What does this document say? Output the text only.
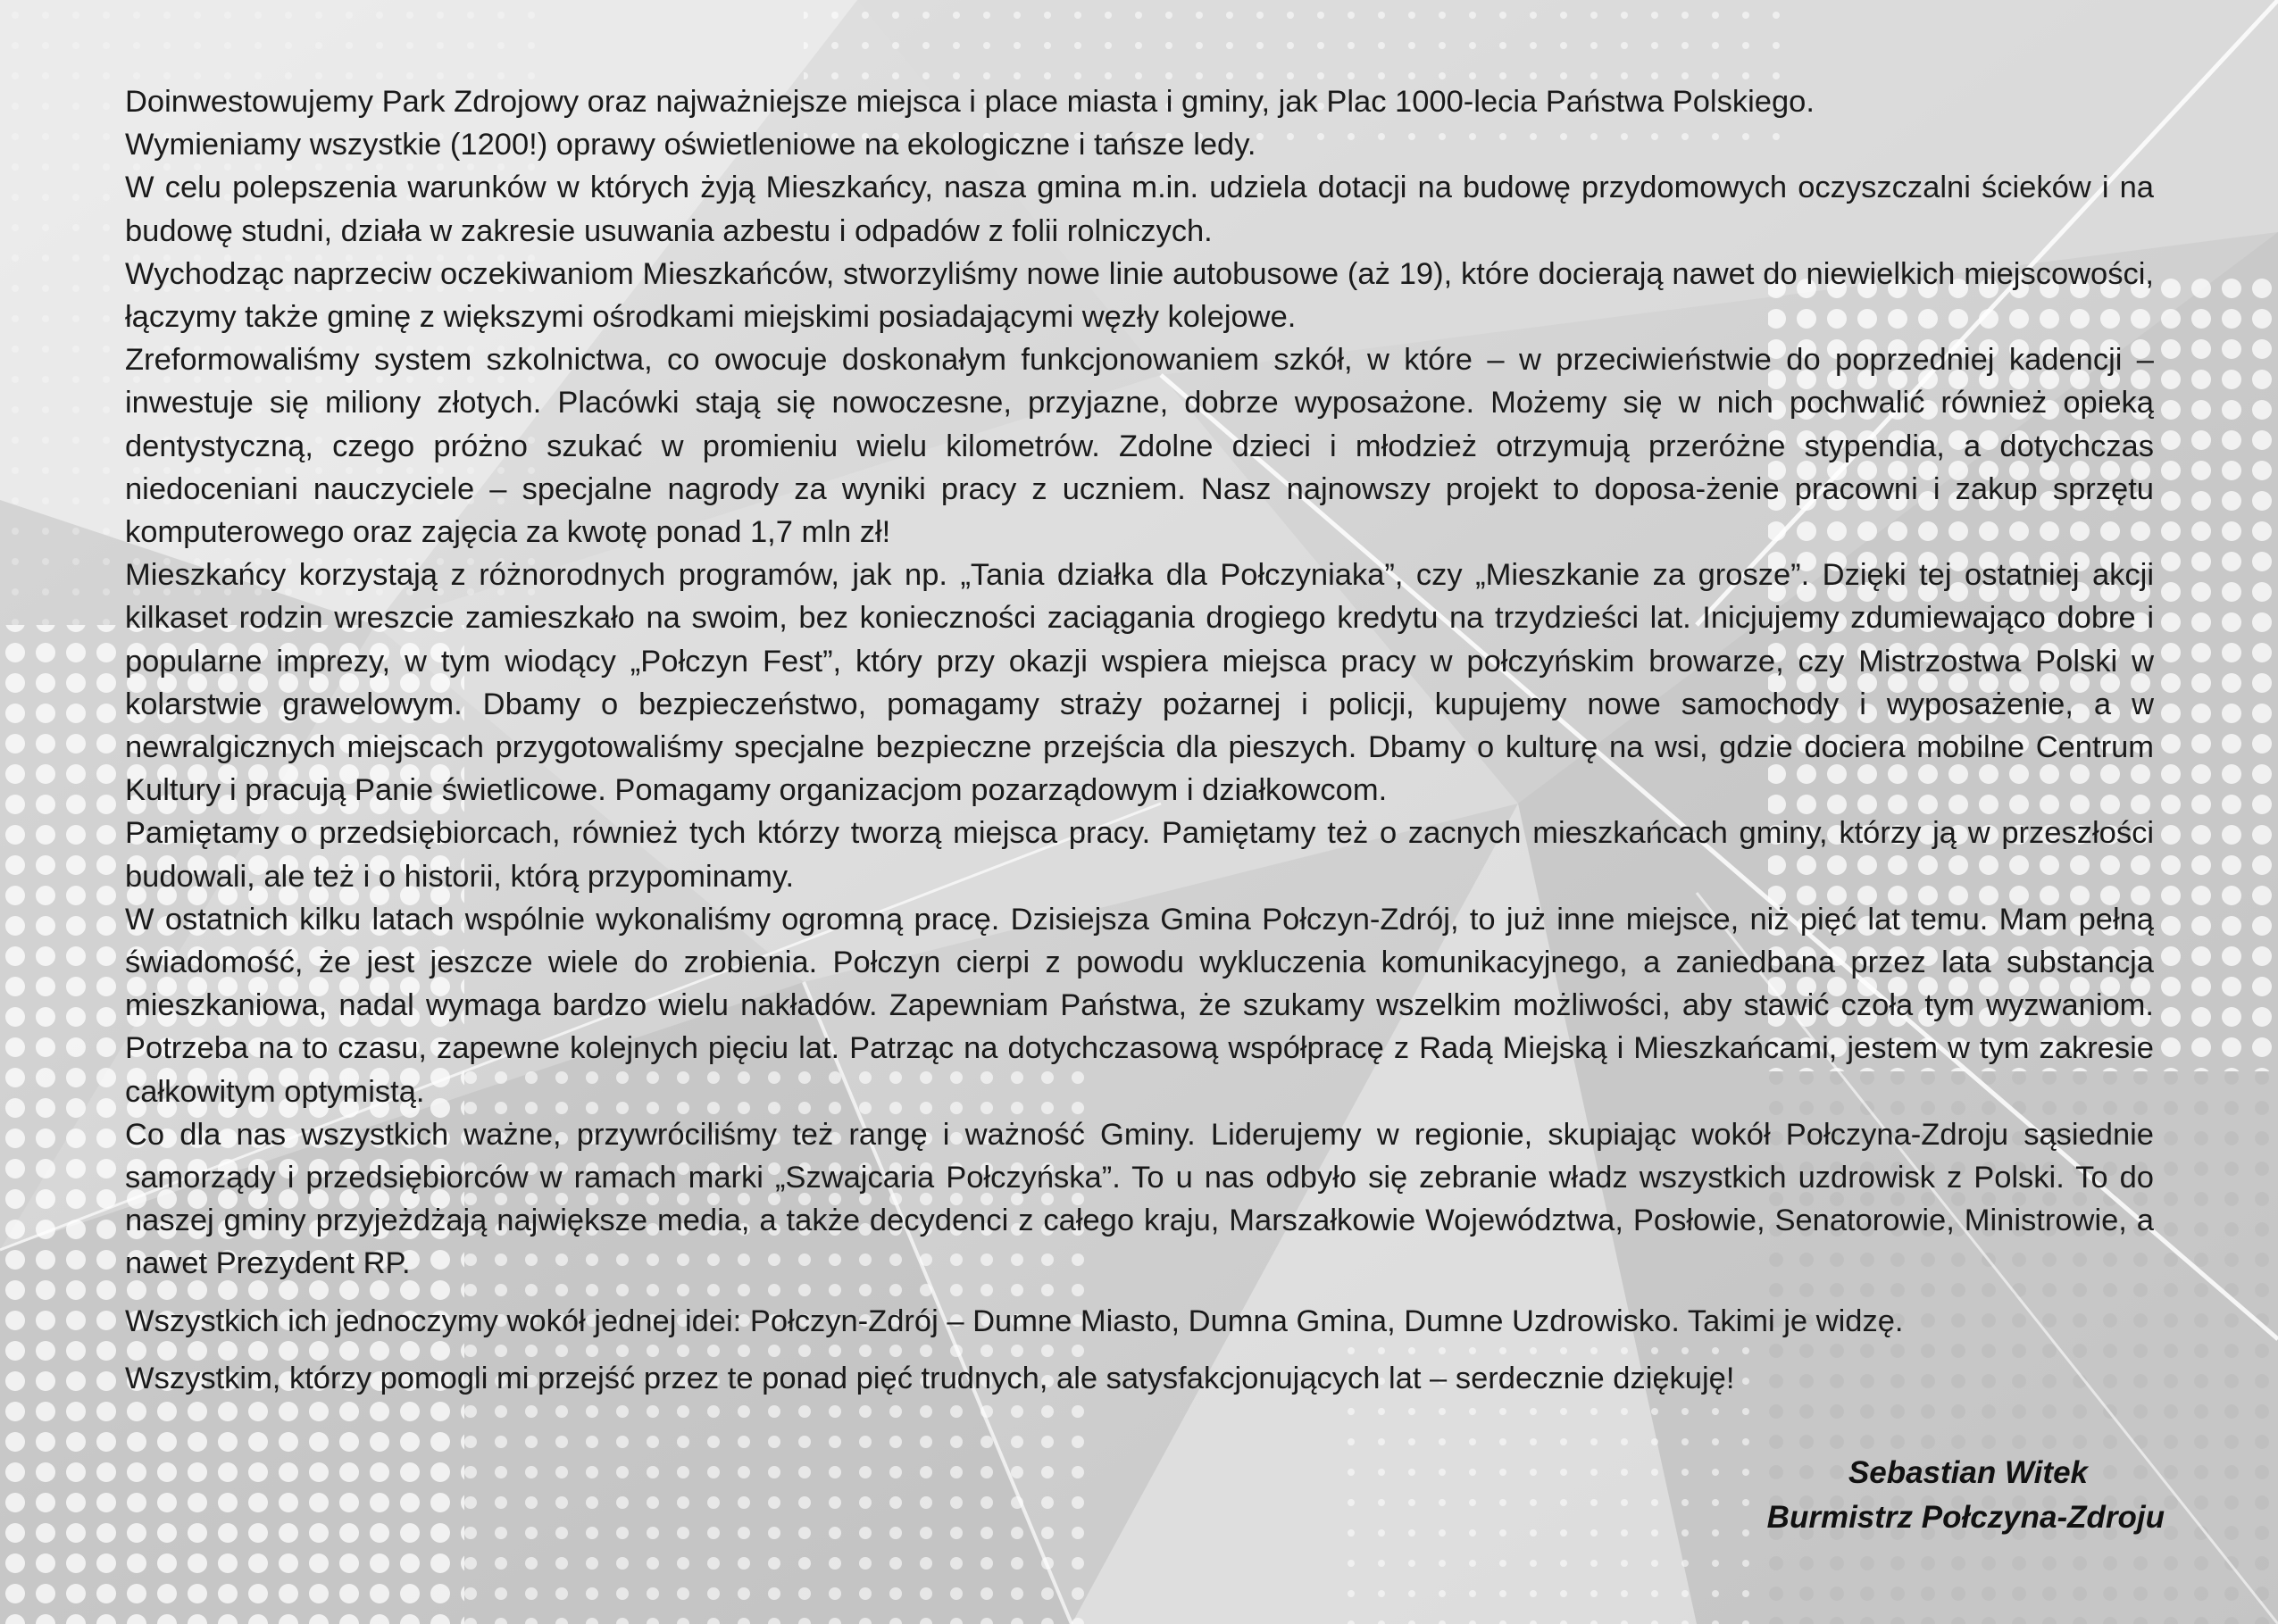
Doinwestowujemy Park Zdrojowy oraz najważniejsze miejsca i place miasta i gminy, jak Plac 1000-lecia Państwa Polskiego.

Wymieniamy wszystkie (1200!) oprawy oświetleniowe na ekologiczne i tańsze ledy.

W celu polepszenia warunków w których żyją Mieszkańcy, nasza gmina m.in. udziela dotacji na budowę przydomowych oczyszczalni ścieków i na budowę studni, działa w zakresie usuwania azbestu i odpadów z folii rolniczych.

Wychodząc naprzeciw oczekiwaniom Mieszkańców, stworzyliśmy nowe linie autobusowe (aż 19), które docierają nawet do niewielkich miejscowości, łączymy także gminę z większymi ośrodkami miejskimi posiadającymi węzły kolejowe.

Zreformowaliśmy system szkolnictwa, co owocuje doskonałym funkcjonowaniem szkół, w które – w przeciwieństwie do poprzedniej kadencji – inwestuje się miliony złotych. Placówki stają się nowoczesne, przyjazne, dobrze wyposażone. Możemy się w nich pochwalić również opieką dentystyczną, czego próżno szukać w promieniu wielu kilometrów. Zdolne dzieci i młodzież otrzymują przeróżne stypendia, a dotychczas niedoceniani nauczyciele – specjalne nagrody za wyniki pracy z uczniem. Nasz najnowszy projekt to doposa-żenie pracowni i zakup sprzętu komputerowego oraz zajęcia za kwotę ponad 1,7 mln zł!

Mieszkańcy korzystają z różnorodnych programów, jak np. „Tania działka dla Połczyniaka”, czy „Mieszkanie za grosze”. Dzięki tej ostatniej akcji kilkaset rodzin wreszcie zamieszkało na swoim, bez konieczności zaciągania drogiego kredytu na trzydzieści lat. Inicjujemy zdumiewająco dobre i popularne imprezy, w tym wiodący „Połczyn Fest”, który przy okazji wspiera miejsca pracy w połczyńskim browarze, czy Mistrzostwa Polski w kolarstwie grawelowym. Dbamy o bezpieczeństwo, pomagamy straży pożarnej i policji, kupujemy nowe samochody i wyposażenie, a w newralgicznych miejscach przygotowaliśmy specjalne bezpieczne przejścia dla pieszych. Dbamy o kulturę na wsi, gdzie dociera mobilne Centrum Kultury i pracują Panie świetlicowe. Pomagamy organizacjom pozarządowym i działkowcom.

Pamiętamy o przedsiębiorcach, również tych którzy tworzą miejsca pracy. Pamiętamy też o zacnych mieszkańcach gminy, którzy ją w przeszłości budowali, ale też i o historii, którą przypominamy.

W ostatnich kilku latach wspólnie wykonaliśmy ogromną pracę. Dzisiejsza Gmina Połczyn-Zdrój, to już inne miejsce, niż pięć lat temu. Mam pełną świadomość, że jest jeszcze wiele do zrobienia. Połczyn cierpi z powodu wykluczenia komunikacyjnego, a zaniedbana przez lata substancja mieszkaniowa, nadal wymaga bardzo wielu nakładów. Zapewniam Państwa, że szukamy wszelkim możliwości, aby stawić czoła tym wyzwaniom. Potrzeba na to czasu, zapewne kolejnych pięciu lat. Patrząc na dotychczasową współpracę z Radą Miejską i Mieszkańcami, jestem w tym zakresie całkowitym optymistą.

Co dla nas wszystkich ważne, przywróciliśmy też rangę i ważność Gminy. Liderujemy w regionie, skupiając wokół Połczyna-Zdroju sąsiednie samorządy i przedsiębiorców w ramach marki „Szwajcaria Połczyńska”. To u nas odbyło się zebranie władz wszystkich uzdrowisk z Polski. To do naszej gminy przyjeżdżają największe media, a także decydenci z całego kraju, Marszałkowie Województwa, Posłowie, Senatorowie, Ministrowie, a nawet Prezydent RP.

Wszystkich ich jednoczymy wokół jednej idei: Połczyn-Zdrój – Dumne Miasto, Dumna Gmina, Dumne Uzdrowisko. Takimi je widzę.

Wszystkim, którzy pomogli mi przejść przez te ponad pięć trudnych, ale satysfakcjonujących lat – serdecznie dziękuję!

Sebastian Witek
Burmistrz Połczyna-Zdroju
